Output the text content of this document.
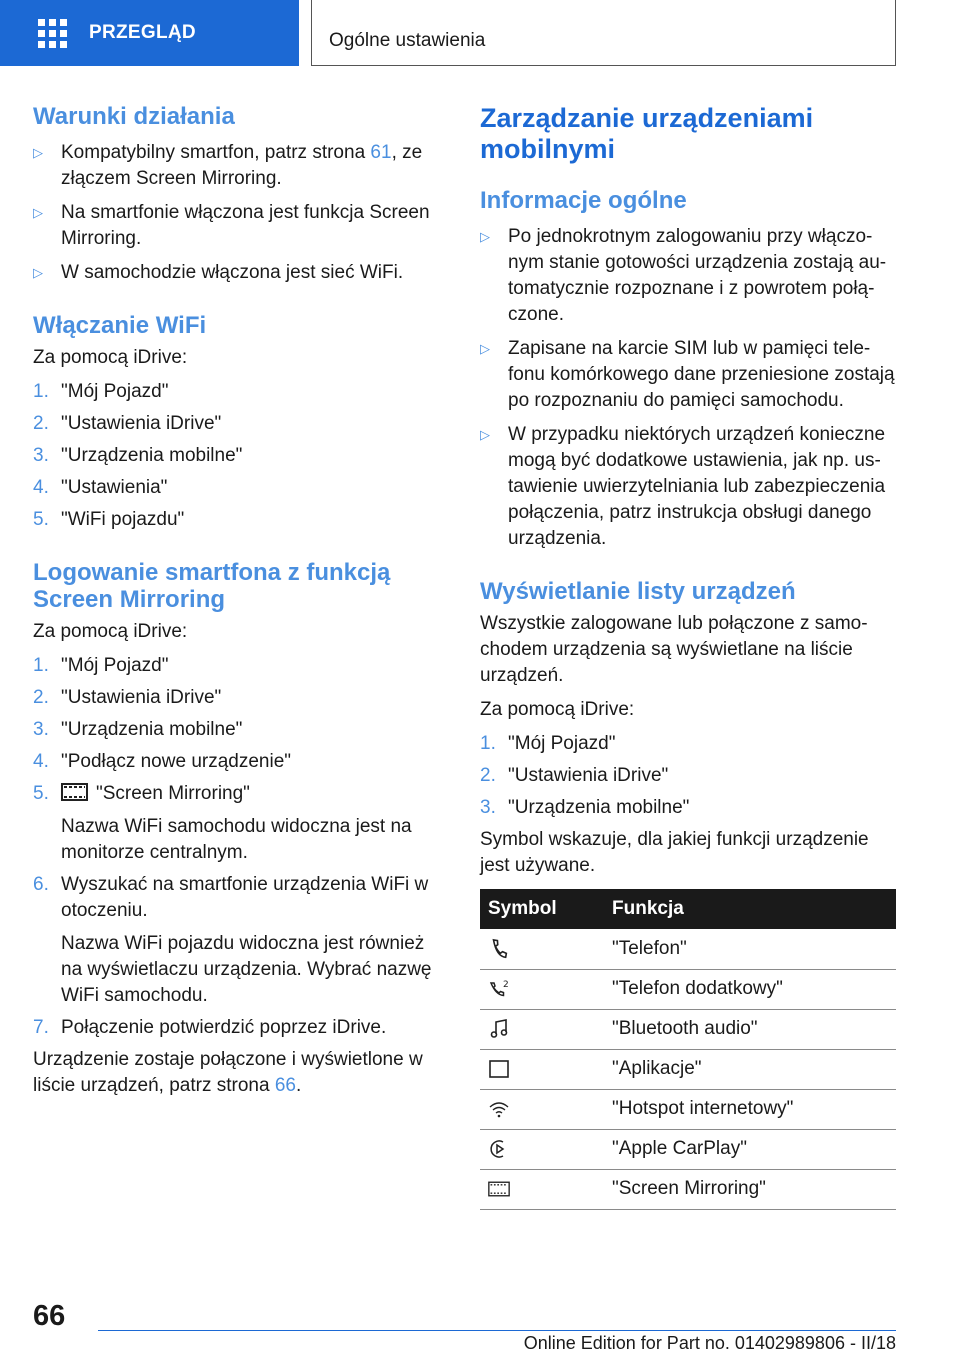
PRZEGLĄD	Ogólne ustawienia
Warunki działania
▷ Kompatybilny smartfon, patrz strona 61, ze złączem Screen Mirroring.
▷ Na smartfonie włączona jest funkcja Screen Mirroring.
▷ W samochodzie włączona jest sieć WiFi.
Włączanie WiFi

Za pomocą iDrive:

1. "Mój Pojazd"
2. "Ustawienia iDrive"
3. "Urządzenia mobilne"
4. "Ustawienia"
5. "WiFi pojazdu"
Logowanie smartfona z funkcją Screen Mirroring

Za pomocą iDrive:

1. "Mój Pojazd"
2. "Ustawienia iDrive"
3. "Urządzenia mobilne"
4. "Podłącz nowe urządzenie"
5. "Screen Mirroring"
Nazwa WiFi samochodu widoczna jest na monitorze centralnym.
6. Wyszukać na smartfonie urządzenia WiFi w otoczeniu.
Nazwa WiFi pojazdu widoczna jest również na wyświetlaczu urządzenia. Wybrać nazwę WiFi samochodu.
7. Połączenie potwierdzić poprzez iDrive.

Urządzenie zostaje połączone i wyświetlone w liście urządzeń, patrz strona 66.

Zarządzanie urządzeniami mobilnymi
Informacje ogólne
▷ Po jednokrotnym zalogowaniu przy włączonym stanie gotowości urządzenia zostają automatycznie rozpoznane i z powrotem połączone.
▷ Zapisane na karcie SIM lub w pamięci telefonu komórkowego dane przeniesione zostają po rozpoznaniu do pamięci samochodu.
▷ W przypadku niektórych urządzeń konieczne mogą być dodatkowe ustawienia, jak np. ustawienie uwierzytelniania lub zabezpieczenia połączenia, patrz instrukcja obsługi danego urządzenia.
Wyświetlanie listy urządzeń

Wszystkie zalogowane lub połączone z samochodem urządzenia są wyświetlane na liście urządzeń.

Za pomocą iDrive:

1. "Mój Pojazd"
2. "Ustawienia iDrive"
3. "Urządzenia mobilne"

Symbol wskazuje, dla jakiej funkcji urządzenie jest używane.

Symbol	Funkcja
	"Telefon"

2	"Telefon dodatkowy"
	"Bluetooth audio"
	"Aplikacje"
	"Hotspot internetowy"
	"Apple CarPlay"
	"Screen Mirroring"
66
Online Edition for Part no. 01402989806 - II/18
